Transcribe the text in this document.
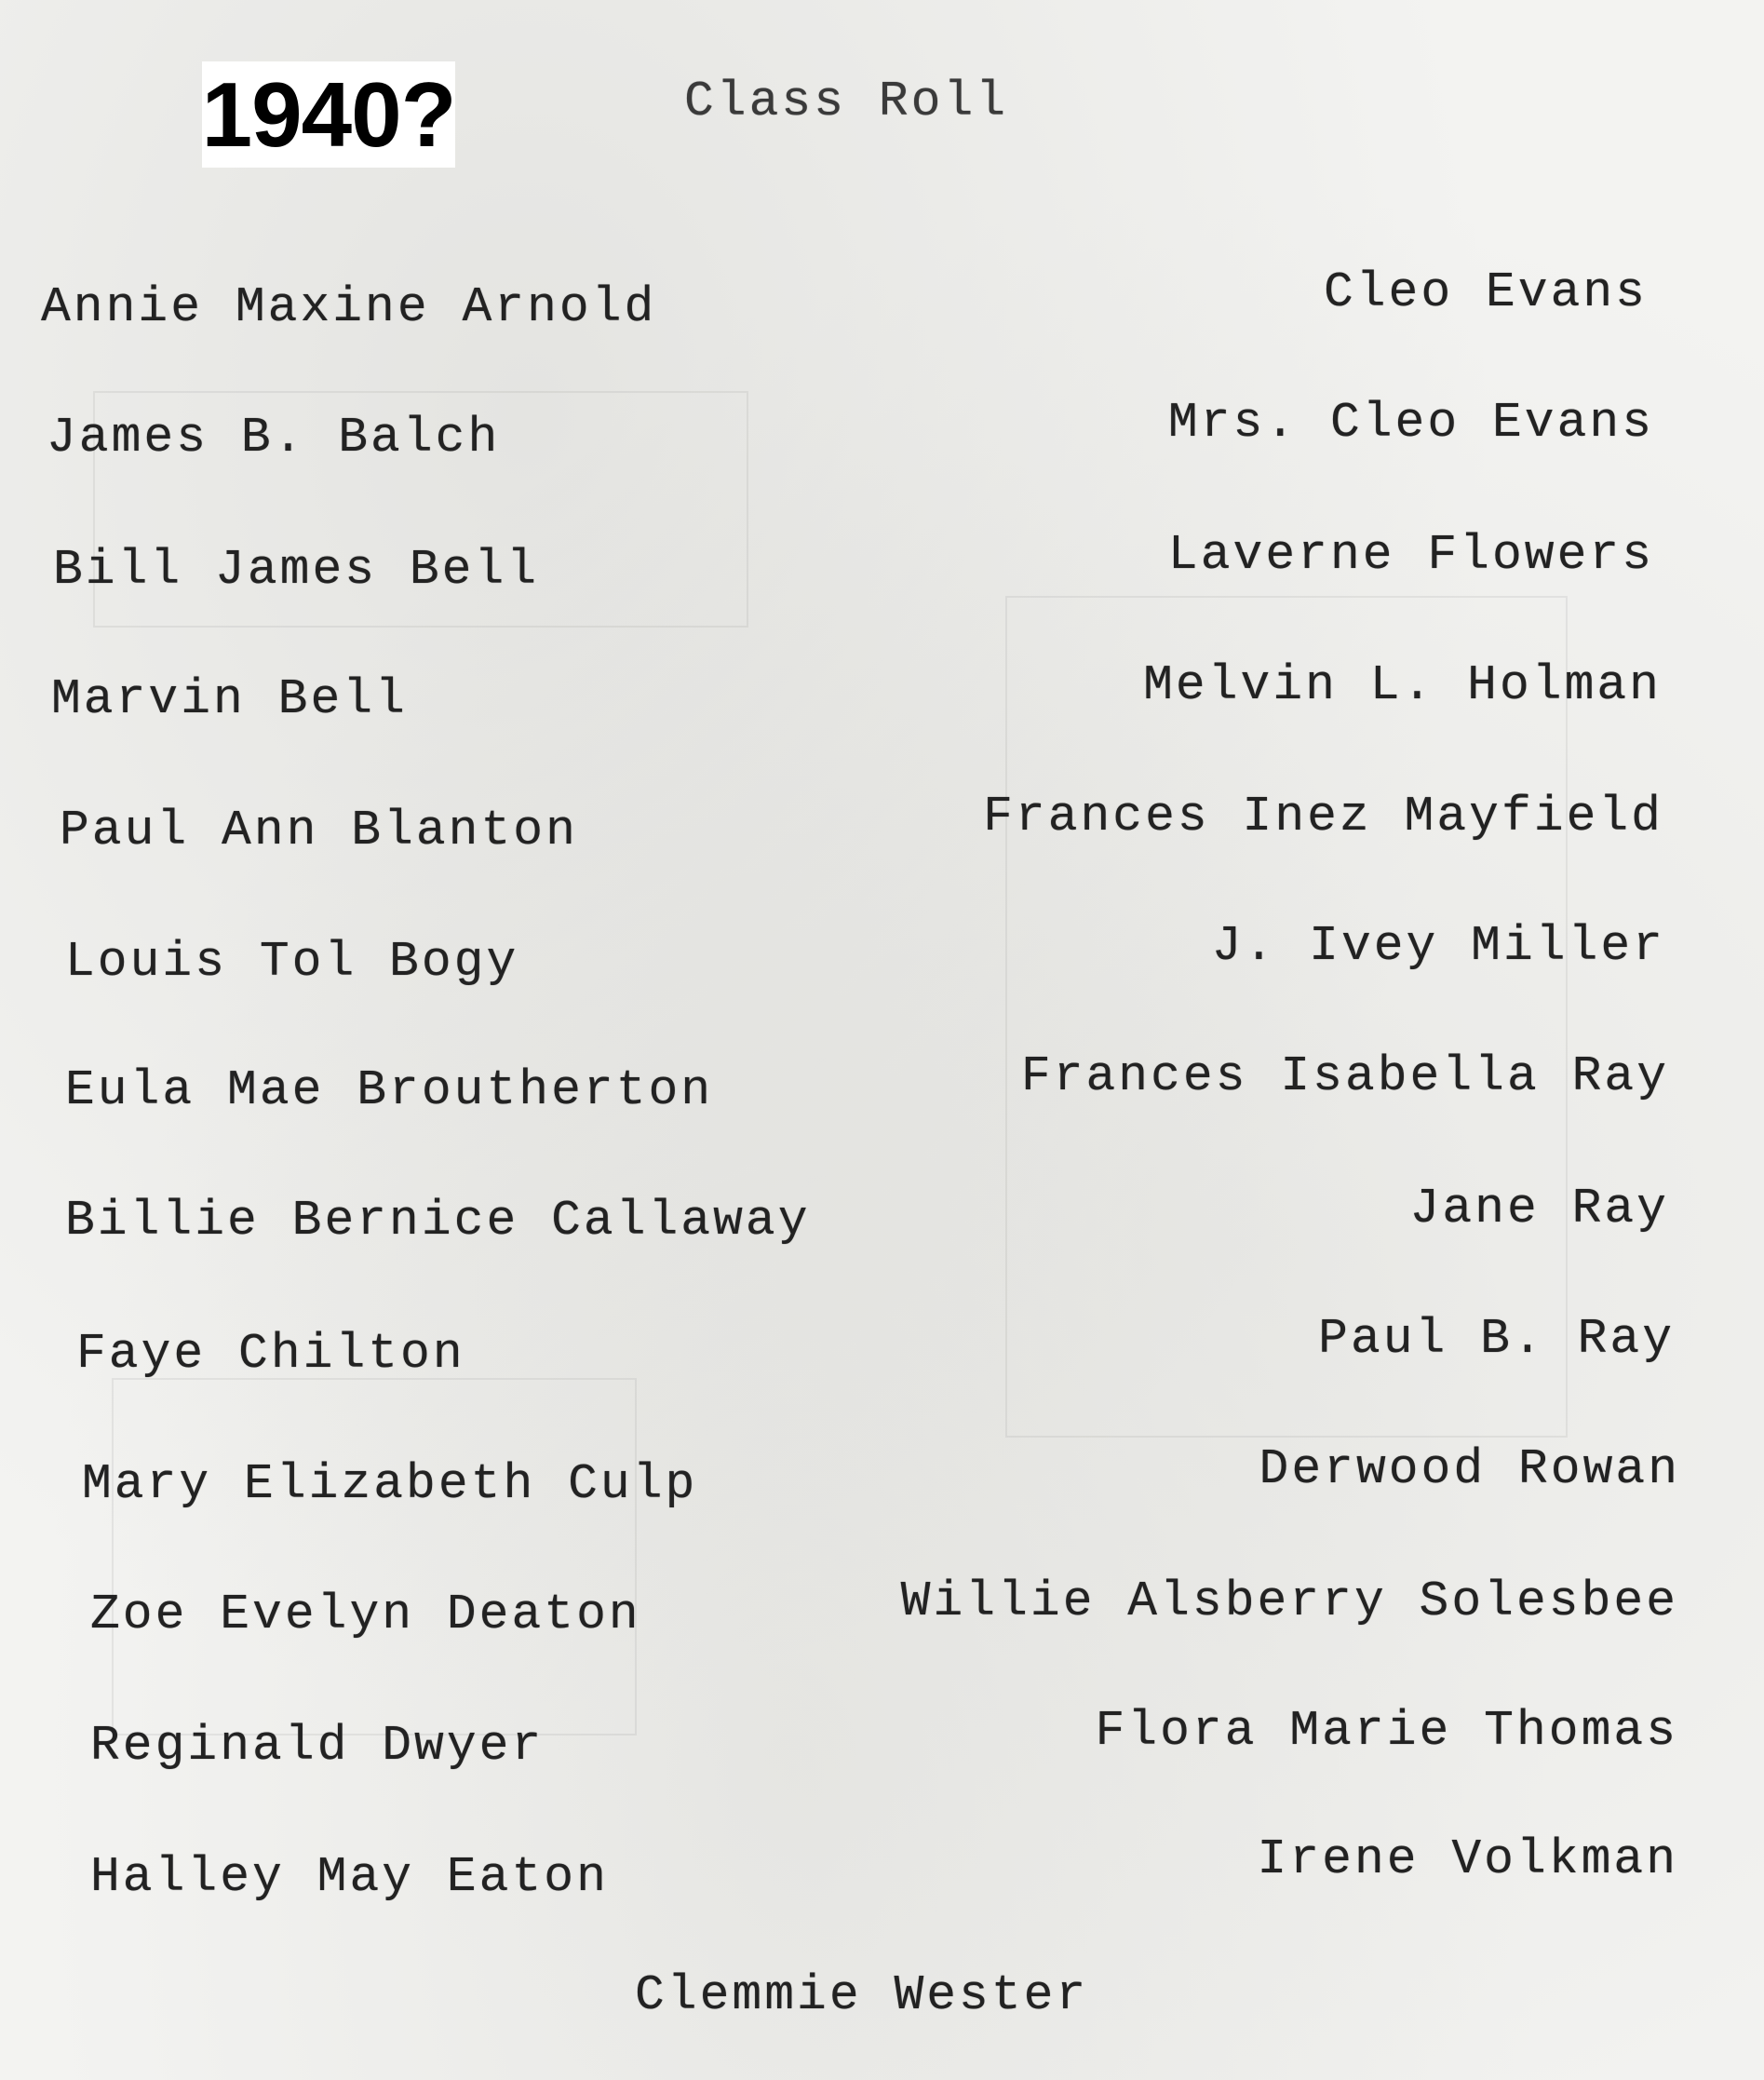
1940?	Class Roll
Annie Maxine Arnold
James B. Balch
Bill James Bell
Marvin Bell
Paul Ann Blanton
Louis Tol Bogy
Eula Mae Broutherton
Billie Bernice Callaway
Faye Chilton
Mary Elizabeth Culp
Zoe Evelyn Deaton
Reginald Dwyer
Halley May Eaton
Cleo Evans
Mrs. Cleo Evans
Laverne Flowers
Melvin L. Holman
Frances Inez Mayfield
J. Ivey Miller
Frances Isabella Ray
Jane Ray
Paul B. Ray
Derwood Rowan
Willie Alsberry Solesbee
Flora Marie Thomas
Irene Volkman
Clemmie Wester
